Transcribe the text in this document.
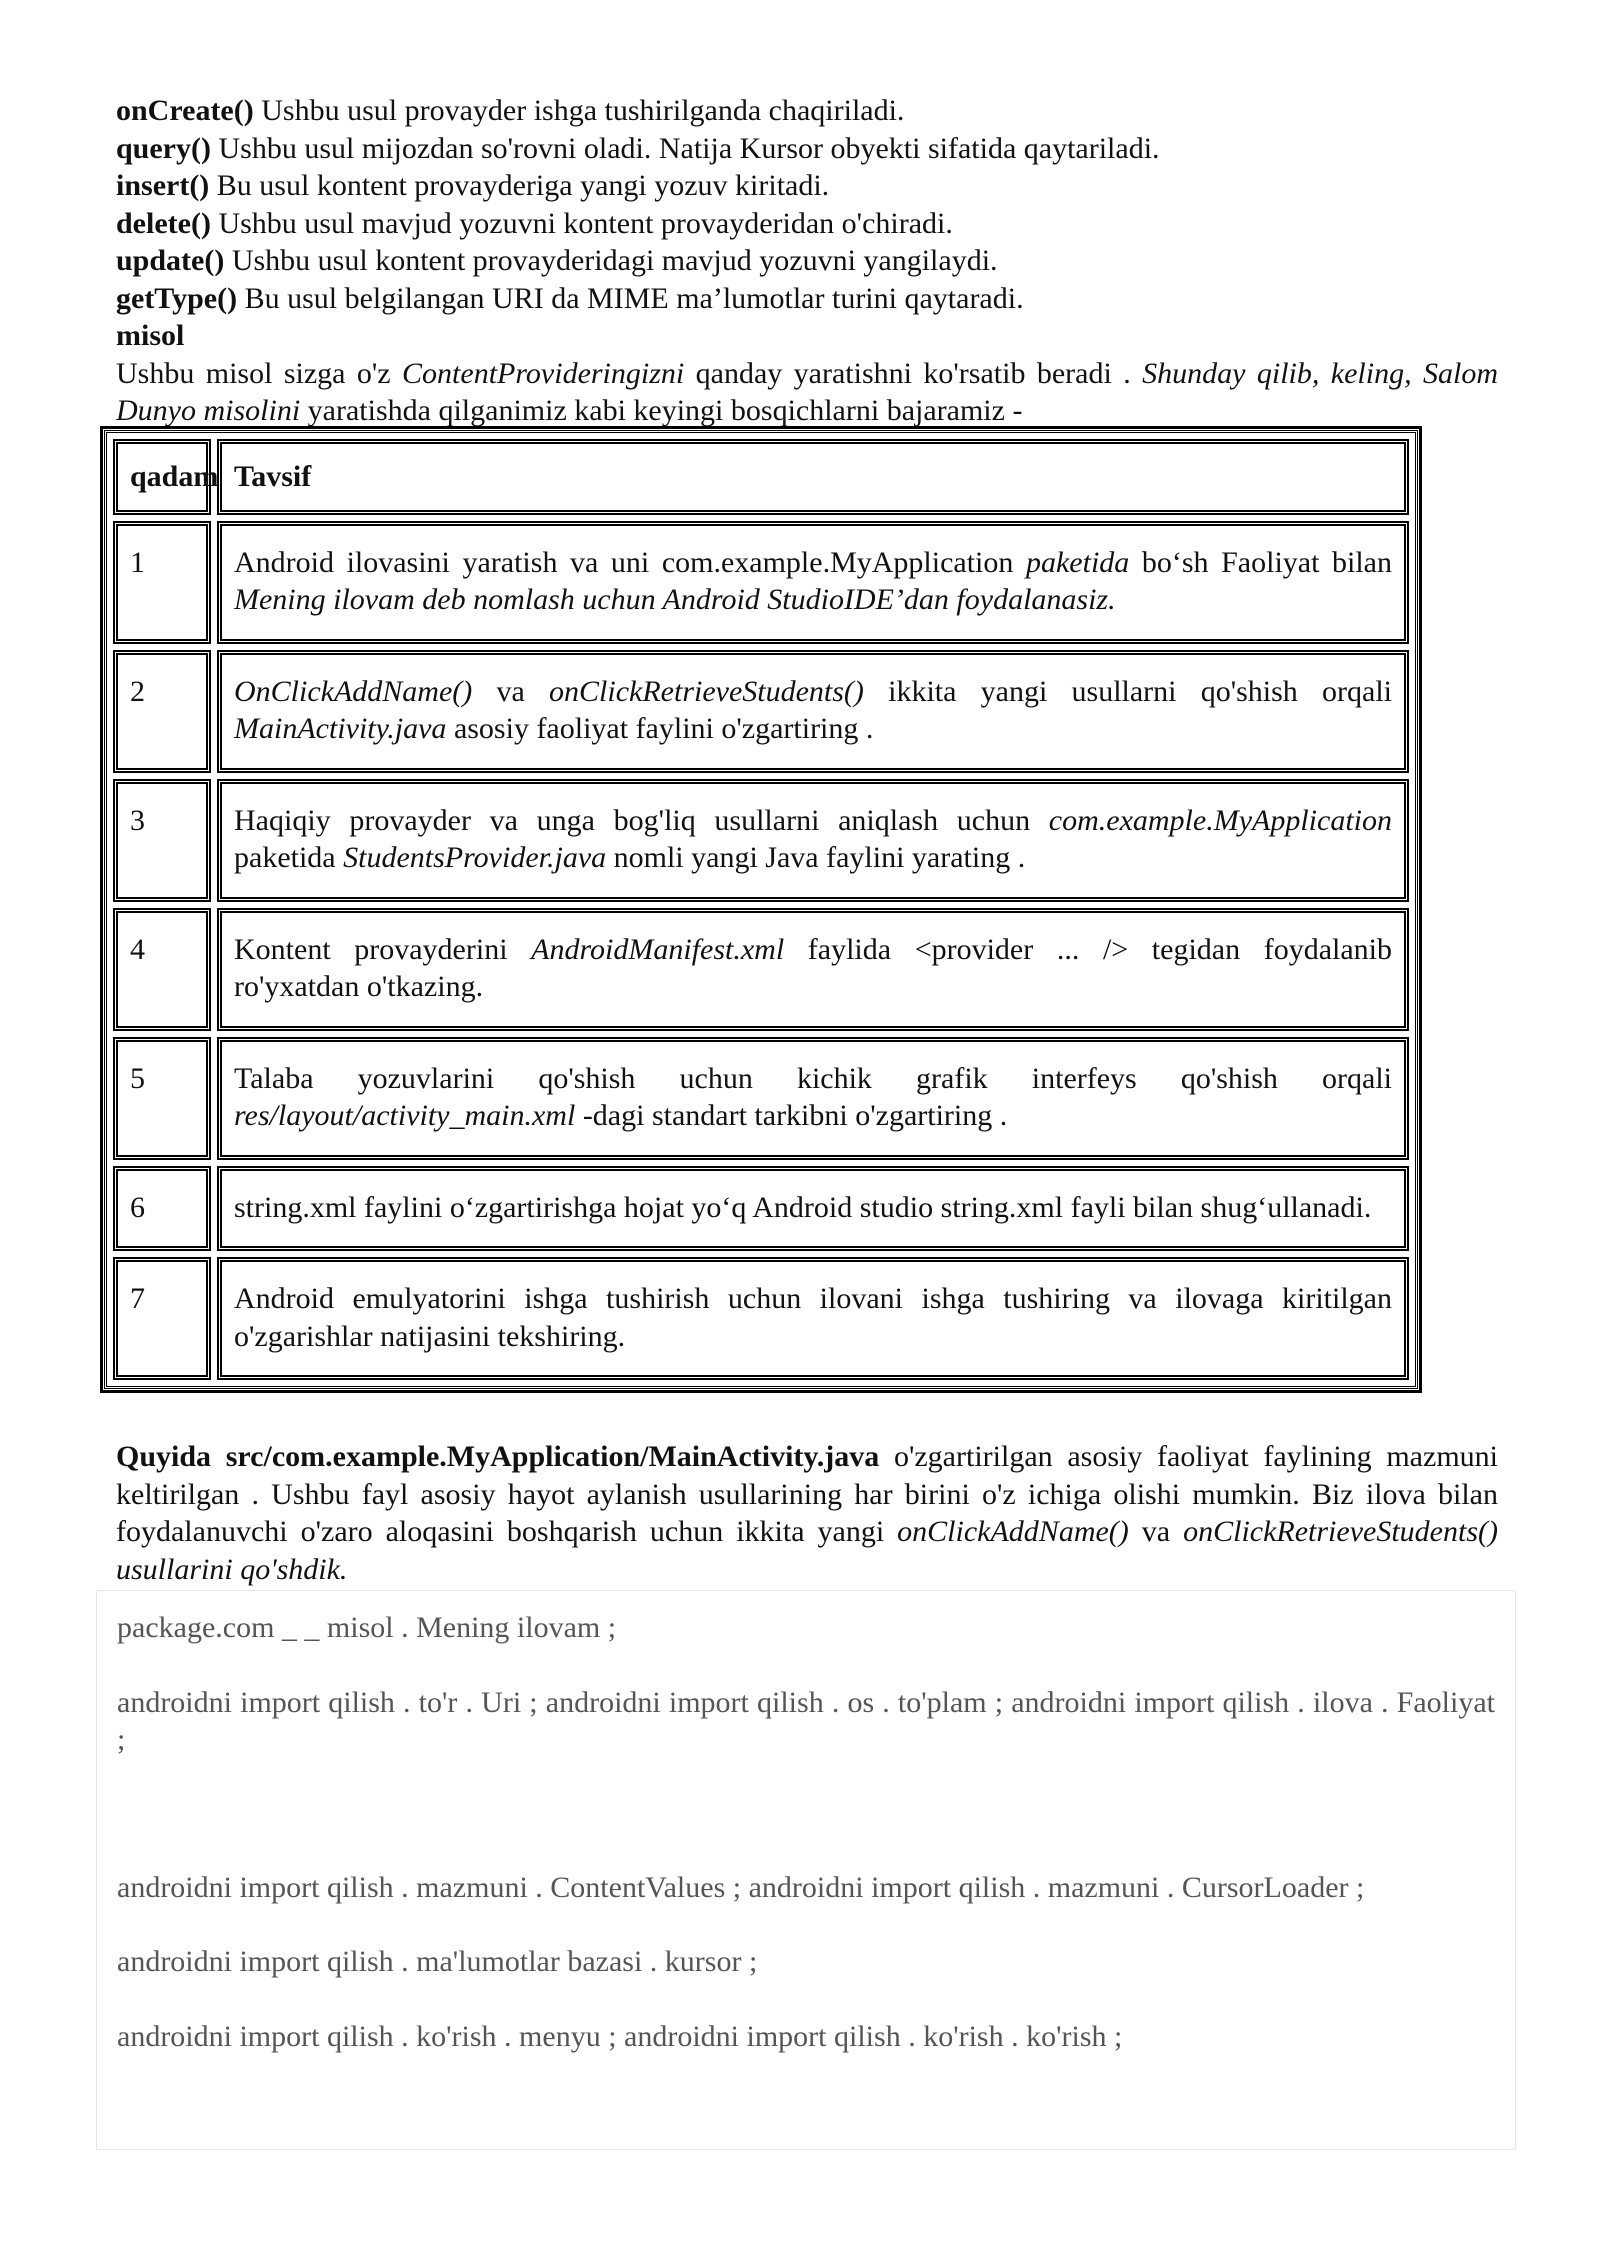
onCreate() Ushbu usul provayder ishga tushirilganda chaqiriladi.

query() Ushbu usul mijozdan so'rovni oladi. Natija Kursor obyekti sifatida qaytariladi.

insert() Bu usul kontent provayderiga yangi yozuv kiritadi.

delete() Ushbu usul mavjud yozuvni kontent provayderidan o'chiradi.

update() Ushbu usul kontent provayderidagi mavjud yozuvni yangilaydi.

getType() Bu usul belgilangan URI da MIME ma’lumotlar turini qaytaradi.

misol

Ushbu misol sizga o'z ContentProvideringizni qanday yaratishni ko'rsatib beradi . Shunday qilib, keling, Salom Dunyo misolini yaratishda qilganimiz kabi keyingi bosqichlarni bajaramiz -

qadam	Tavsif
1	Android ilovasini yaratish va uni com.example.MyApplication paketida bo‘sh Faoliyat bilan Mening ilovam deb nomlash uchun Android StudioIDE’dan foydalanasiz.
2	OnClickAddName() va onClickRetrieveStudents() ikkita yangi usullarni qo'shish orqali MainActivity.java asosiy faoliyat faylini o'zgartiring .
3	Haqiqiy provayder va unga bog'liq usullarni aniqlash uchun com.example.MyApplication paketida StudentsProvider.java nomli yangi Java faylini yarating .
4	Kontent provayderini AndroidManifest.xml faylida <provider ... /> tegidan foydalanib ro'yxatdan o'tkazing.
5	Talaba yozuvlarini qo'shish uchun kichik grafik interfeys qo'shish orqali res/layout/activity_main.xml -dagi standart tarkibni o'zgartiring .
6	string.xml faylini o‘zgartirishga hojat yo‘q Android studio string.xml fayli bilan shug‘ullanadi.
7	Android emulyatorini ishga tushirish uchun ilovani ishga tushiring va ilovaga kiritilgan o'zgarishlar natijasini tekshiring.

Quyida src/com.example.MyApplication/MainActivity.java o'zgartirilgan asosiy faoliyat faylining mazmuni keltirilgan . Ushbu fayl asosiy hayot aylanish usullarining har birini o'z ichiga olishi mumkin. Biz ilova bilan foydalanuvchi o'zaro aloqasini boshqarish uchun ikkita yangi onClickAddName() va onClickRetrieveStudents() usullarini qo'shdik.

package.com _ _ misol . Mening ilovam ;

androidni import qilish . to'r . Uri ; androidni import qilish . os . to'plam ; androidni import qilish . ilova . Faoliyat ;

androidni import qilish . mazmuni . ContentValues ; androidni import qilish . mazmuni . CursorLoader ;

androidni import qilish . ma'lumotlar bazasi . kursor ;

androidni import qilish . ko'rish . menyu ; androidni import qilish . ko'rish . ko'rish ;
